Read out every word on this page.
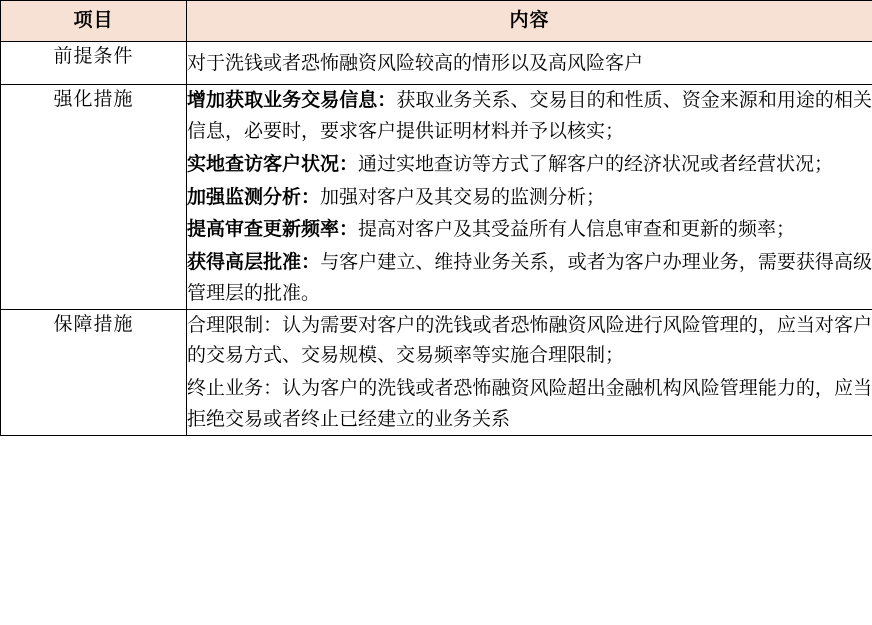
项目	内容
前提条件	对于洗钱或者恐怖融资风险较高的情形以及高风险客户

强化措施	增加获取业务交易信息：获取业务关系、交易目的和性质、资金来源和用途的相关信息，必要时，要求客户提供证明材料并予以核实；

实地查访客户状况：通过实地查访等方式了解客户的经济状况或者经营状况；

加强监测分析：加强对客户及其交易的监测分析；

提高审查更新频率：提高对客户及其受益所有人信息审查和更新的频率；

获得高层批准：与客户建立、维持业务关系，或者为客户办理业务，需要获得高级管理层的批准。

保障措施	合理限制：认为需要对客户的洗钱或者恐怖融资风险进行风险管理的，应当对客户的交易方式、交易规模、交易频率等实施合理限制；

终止业务：认为客户的洗钱或者恐怖融资风险超出金融机构风险管理能力的，应当拒绝交易或者终止已经建立的业务关系
